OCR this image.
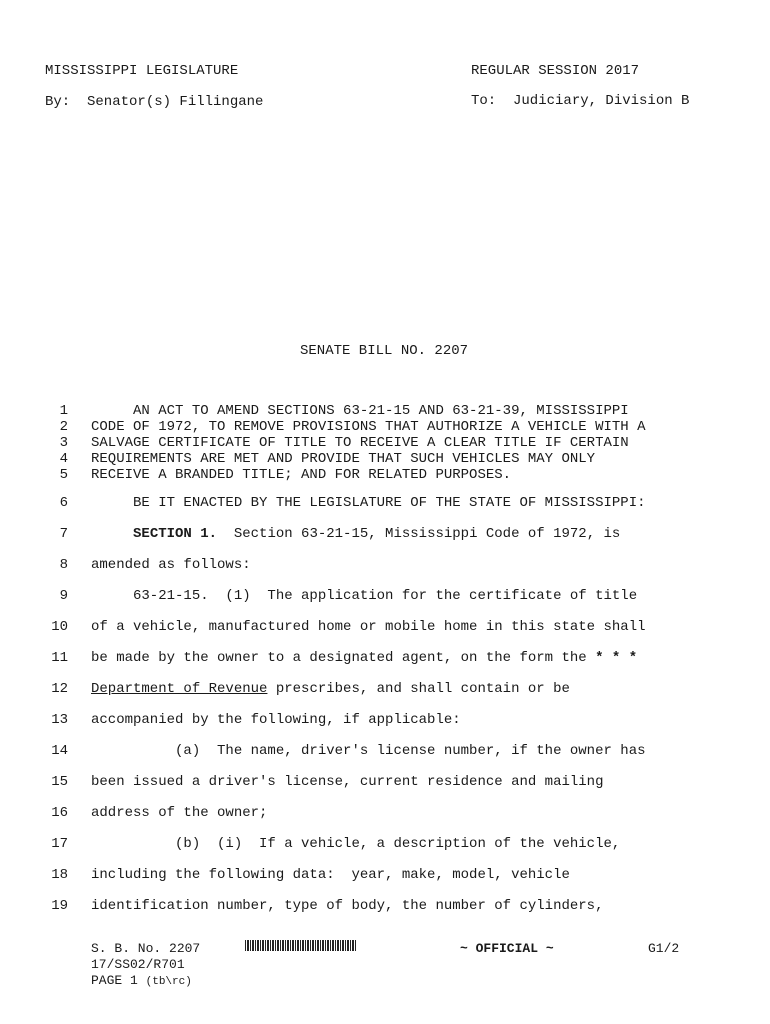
MISSISSIPPI LEGISLATURE	REGULAR SESSION 2017
By:  Senator(s) Fillingane	To:  Judiciary, Division B
SENATE BILL NO. 2207
1 AN ACT TO AMEND SECTIONS 63-21-15 AND 63-21-39, MISSISSIPPI
2 CODE OF 1972, TO REMOVE PROVISIONS THAT AUTHORIZE A VEHICLE WITH A
3 SALVAGE CERTIFICATE OF TITLE TO RECEIVE A CLEAR TITLE IF CERTAIN
4 REQUIREMENTS ARE MET AND PROVIDE THAT SUCH VEHICLES MAY ONLY
5 RECEIVE A BRANDED TITLE; AND FOR RELATED PURPOSES.
6 BE IT ENACTED BY THE LEGISLATURE OF THE STATE OF MISSISSIPPI:
7	SECTION 1.  Section 63-21-15, Mississippi Code of 1972, is
8 amended as follows:
9 63-21-15.  (1)  The application for the certificate of title
10 of a vehicle, manufactured home or mobile home in this state shall
11 be made by the owner to a designated agent, on the form the * * *
12 Department of Revenue prescribes, and shall contain or be
13 accompanied by the following, if applicable:
14 (a)  The name, driver's license number, if the owner has
15 been issued a driver's license, current residence and mailing
16 address of the owner;
17 (b)  (i)  If a vehicle, a description of the vehicle,
18 including the following data:  year, make, model, vehicle
19 identification number, type of body, the number of cylinders,
S. B. No. 2207	~ OFFICIAL ~	G1/2
17/SS02/R701
PAGE 1 (tb\rc)
